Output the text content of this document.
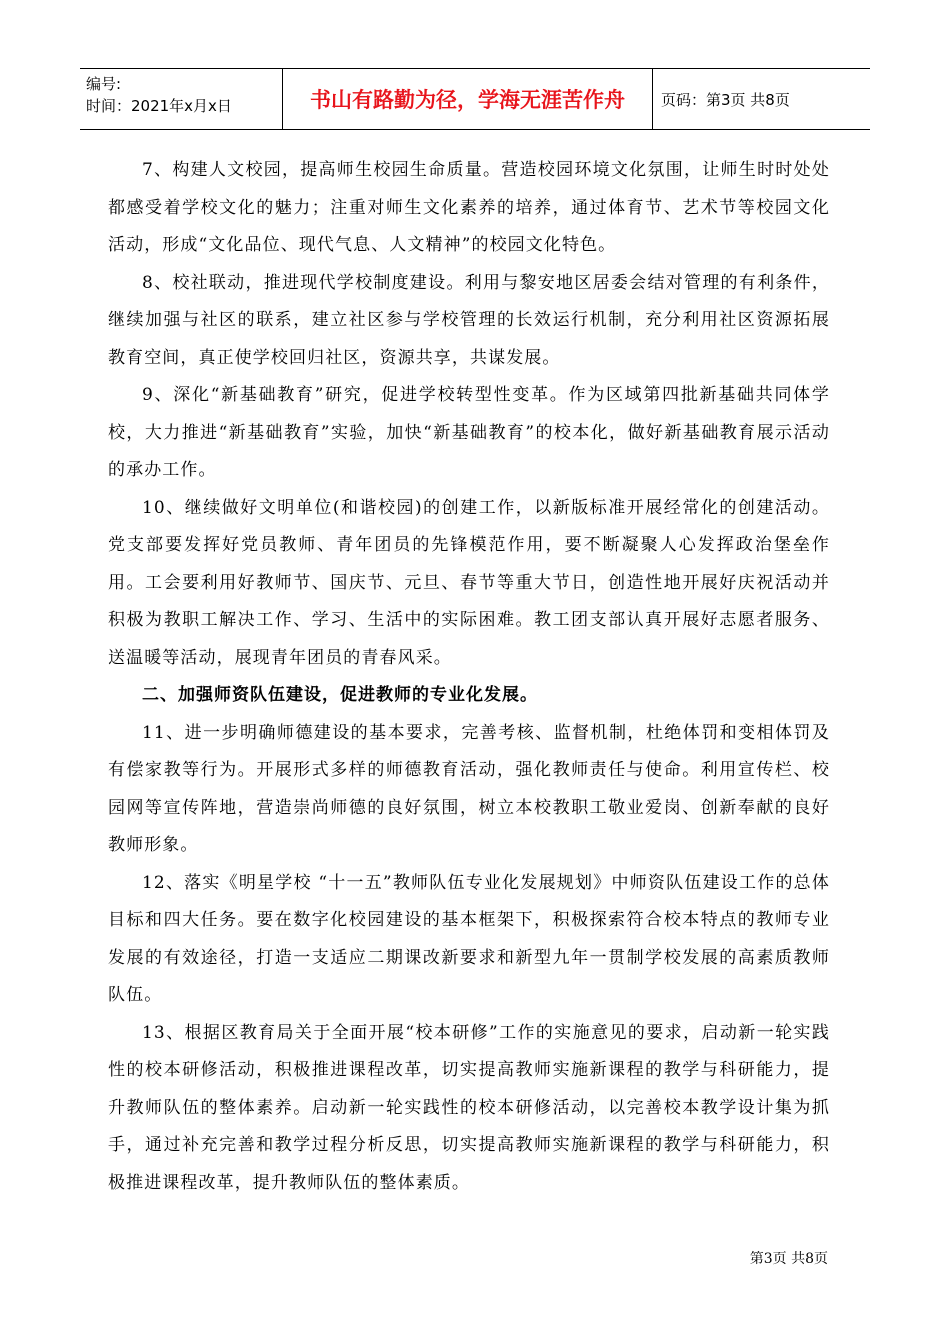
编号:
时间：2021年x月x日	书山有路勤为径，学海无涯苦作舟	页码：第3页 共8页

7、构建人文校园，提高师生校园生命质量。营造校园环境文化氛围，让师生时时处处都感受着学校文化的魅力；注重对师生文化素养的培养，通过体育节、艺术节等校园文化活动，形成“文化品位、现代气息、人文精神”的校园文化特色。

8、校社联动，推进现代学校制度建设。利用与黎安地区居委会结对管理的有利条件，继续加强与社区的联系，建立社区参与学校管理的长效运行机制，充分利用社区资源拓展教育空间，真正使学校回归社区，资源共享，共谋发展。

9、深化“新基础教育”研究，促进学校转型性变革。作为区域第四批新基础共同体学校，大力推进“新基础教育”实验，加快“新基础教育”的校本化，做好新基础教育展示活动的承办工作。

10、继续做好文明单位(和谐校园)的创建工作，以新版标准开展经常化的创建活动。党支部要发挥好党员教师、青年团员的先锋模范作用，要不断凝聚人心发挥政治堡垒作用。工会要利用好教师节、国庆节、元旦、春节等重大节日，创造性地开展好庆祝活动并积极为教职工解决工作、学习、生活中的实际困难。教工团支部认真开展好志愿者服务、送温暖等活动，展现青年团员的青春风采。

二、加强师资队伍建设，促进教师的专业化发展。

11、进一步明确师德建设的基本要求，完善考核、监督机制，杜绝体罚和变相体罚及有偿家教等行为。开展形式多样的师德教育活动，强化教师责任与使命。利用宣传栏、校园网等宣传阵地，营造崇尚师德的良好氛围，树立本校教职工敬业爱岗、创新奉献的良好教师形象。

12、落实《明星学校 “十一五”教师队伍专业化发展规划》中师资队伍建设工作的总体目标和四大任务。要在数字化校园建设的基本框架下，积极探索符合校本特点的教师专业发展的有效途径，打造一支适应二期课改新要求和新型九年一贯制学校发展的高素质教师队伍。

13、根据区教育局关于全面开展“校本研修”工作的实施意见的要求，启动新一轮实践性的校本研修活动，积极推进课程改革，切实提高教师实施新课程的教学与科研能力，提升教师队伍的整体素养。启动新一轮实践性的校本研修活动，以完善校本教学设计集为抓手，通过补充完善和教学过程分析反思，切实提高教师实施新课程的教学与科研能力，积极推进课程改革，提升教师队伍的整体素质。

第3页 共8页
